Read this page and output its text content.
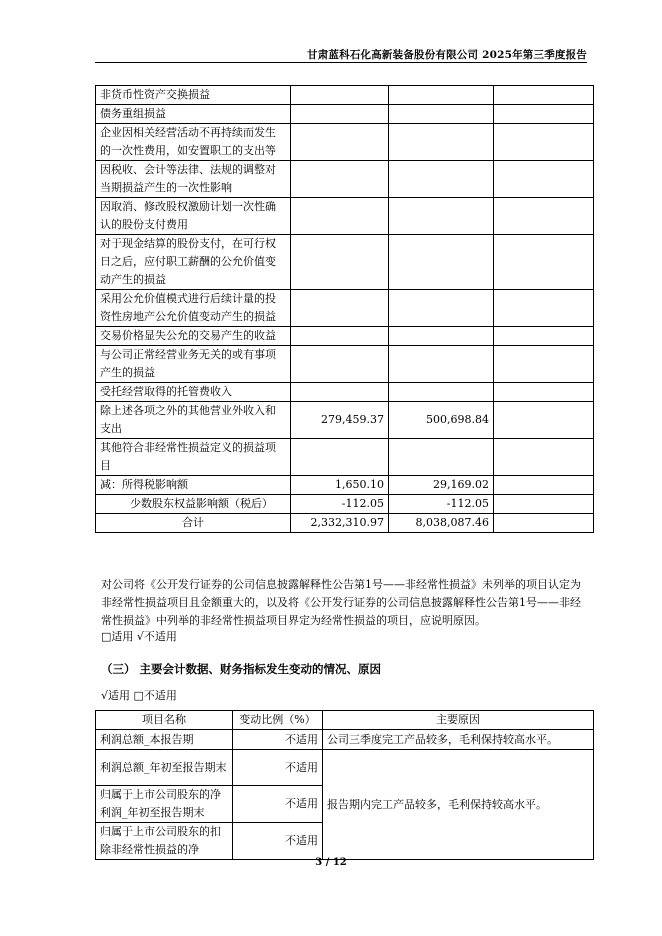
甘肃蓝科石化高新装备股份有限公司 2025年第三季度报告
非货币性资产交换损益			
债务重组损益			
企业因相关经营活动不再持续而发生的一次性费用，如安置职工的支出等			
因税收、会计等法律、法规的调整对当期损益产生的一次性影响			
因取消、修改股权激励计划一次性确认的股份支付费用			
对于现金结算的股份支付，在可行权日之后，应付职工薪酬的公允价值变动产生的损益			
采用公允价值模式进行后续计量的投资性房地产公允价值变动产生的损益			
交易价格显失公允的交易产生的收益			
与公司正常经营业务无关的或有事项产生的损益			
受托经营取得的托管费收入			
除上述各项之外的其他营业外收入和支出	279,459.37	500,698.84	
其他符合非经常性损益定义的损益项目			
减：所得税影响额	1,650.10	29,169.02	
少数股东权益影响额（税后）	-112.05	-112.05	
合计	2,332,310.97	8,038,087.46	
对公司将《公开发行证券的公司信息披露解释性公告第1号——非经常性损益》未列举的项目认定为非经常性损益项目且金额重大的，以及将《公开发行证券的公司信息披露解释性公告第1号——非经常性损益》中列举的非经常性损益项目界定为经常性损益的项目，应说明原因。
□适用 √不适用
（三） 主要会计数据、财务指标发生变动的情况、原因
√适用 □不适用
项目名称	变动比例（%）	主要原因
利润总额_本报告期	不适用	公司三季度完工产品较多，毛利保持较高水平。
利润总额_年初至报告期末	不适用	报告期内完工产品较多，毛利保持较高水平。
归属于上市公司股东的净利润_年初至报告期末	不适用	
归属于上市公司股东的扣除非经常性损益的净	不适用	
3 / 12
